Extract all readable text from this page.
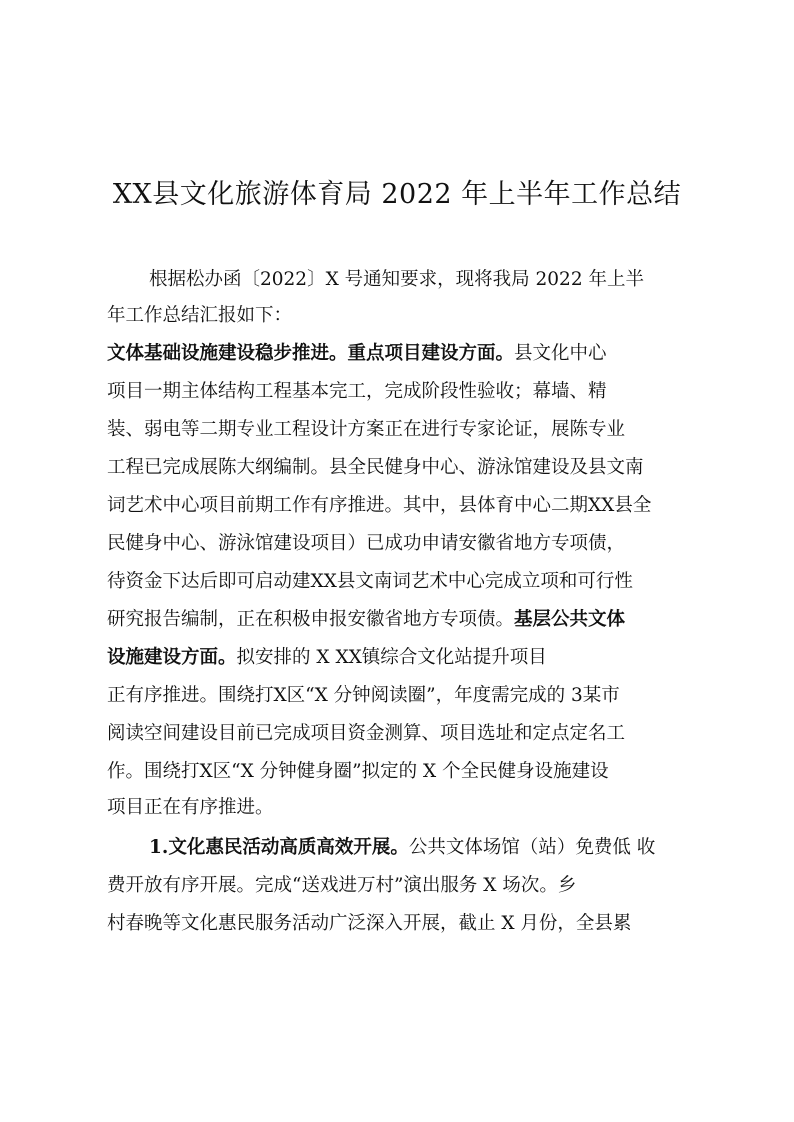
XX县文化旅游体育局 2022 年上半年工作总结
根据松办函〔2022〕X 号通知要求，现将我局 2022 年上半
年工作总结汇报如下：
文体基础设施建设稳步推进。重点项目建设方面。县文化中心
项目一期主体结构工程基本完工，完成阶段性验收；幕墙、精
装、弱电等二期专业工程设计方案正在进行专家论证，展陈专业
工程已完成展陈大纲编制。县全民健身中心、游泳馆建设及县文南
词艺术中心项目前期工作有序推进。其中，县体育中心二期XX县全
民健身中心、游泳馆建设项目）已成功申请安徽省地方专项债，
待资金下达后即可启动建XX县文南词艺术中心完成立项和可行性
研究报告编制，正在积极申报安徽省地方专项债。基层公共文体
设施建设方面。拟安排的 X XX镇综合文化站提升项目
正有序推进。围绕打X区“X 分钟阅读圈”，年度需完成的 3某市
阅读空间建设目前已完成项目资金测算、项目选址和定点定名工
作。围绕打X区“X 分钟健身圈”拟定的 X 个全民健身设施建设
项目正在有序推进。
1.文化惠民活动高质高效开展。公共文体场馆（站）免费低 收
费开放有序开展。完成“送戏进万村”演出服务 X 场次。乡
村春晚等文化惠民服务活动广泛深入开展，截止 X 月份，全县累
